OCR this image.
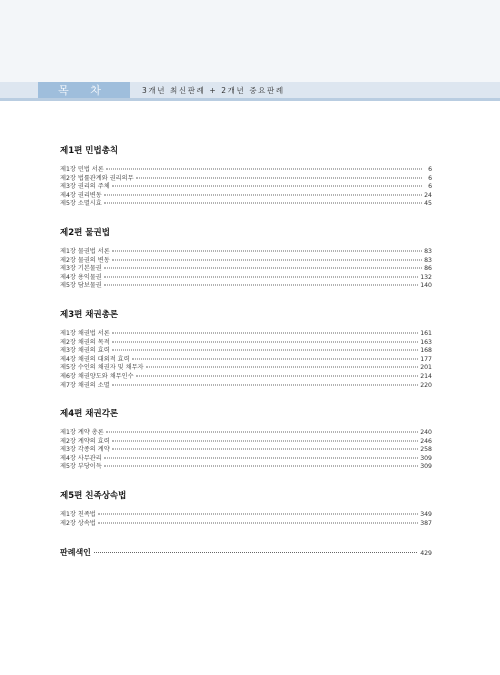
목 차	3개년 최신판례 + 2개년 중요판례
제1편 민법총칙
제1장 민법 서론	6
제2장 법률관계와 권리의무	6
제3장 권리의 주체	6
제4장 권리변동	24
제5장 소멸시효	45
제2편 물권법
제1장 물권법 서론	83
제2장 물권의 변동	83
제3장 기본물권	86
제4장 용익물권	132
제5장 담보물권	140
제3편 채권총론
제1장 채권법 서론	161
제2장 채권의 목적	163
제3장 채권의 효력	168
제4장 채권의 대외적 효력	177
제5장 수인의 채권자 및 채무자	201
제6장 채권양도와 채무인수	214
제7장 채권의 소멸	220
제4편 채권각론
제1장 계약 총론	240
제2장 계약의 효력	246
제3장 각종의 계약	258
제4장 사무관리	309
제5장 부당이득	309
제5편 친족상속법
제1장 친족법	349
제2장 상속법	387
판례색인	429
